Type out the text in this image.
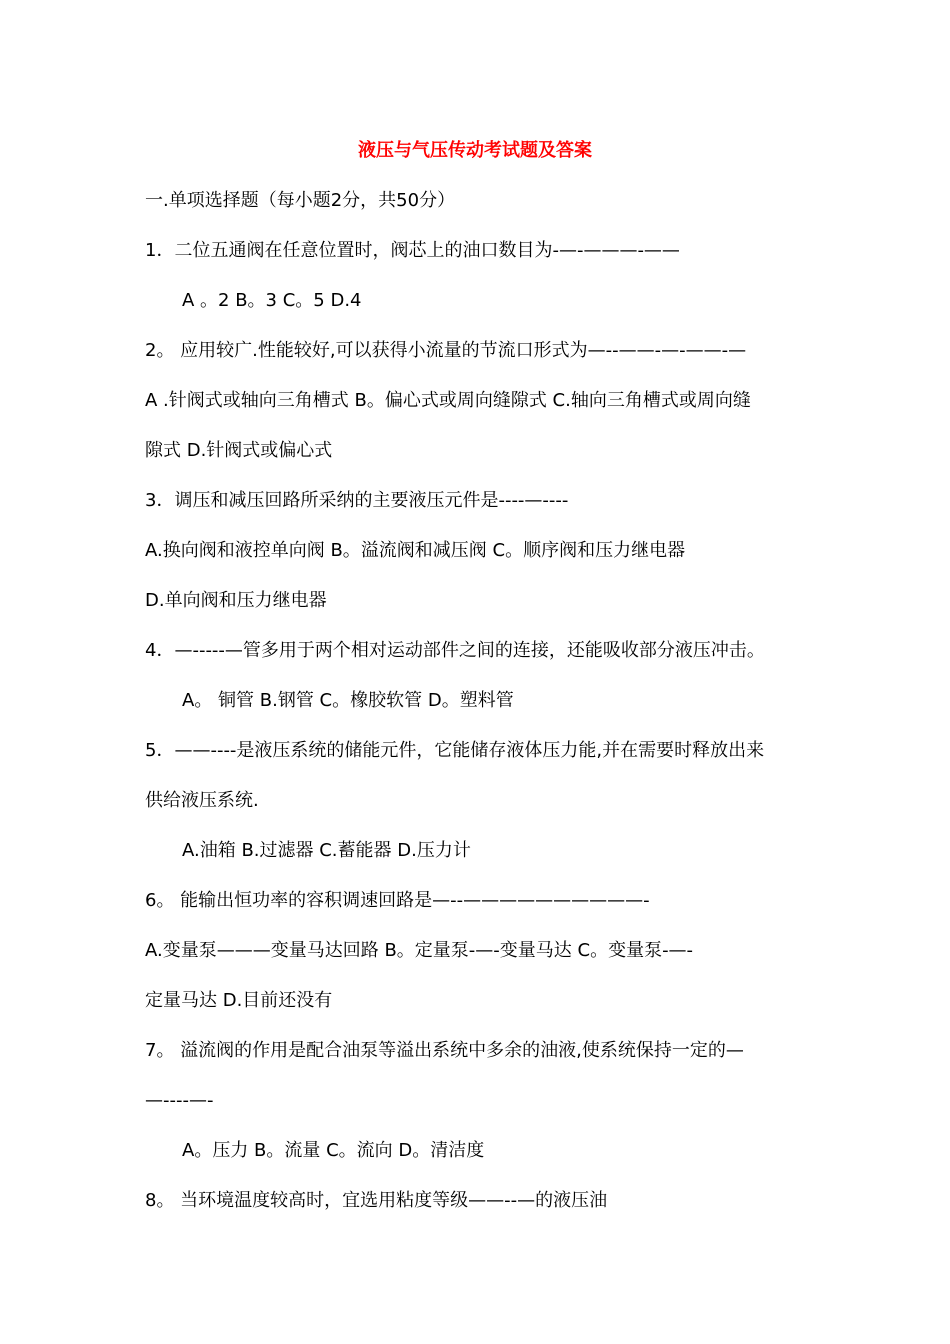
液压与气压传动考试题及答案
一.单项选择题（每小题2分，共50分）
1．二位五通阀在任意位置时，阀芯上的油口数目为-—-———-——
A 。2 B。3 C。5 D.4
2。 应用较广.性能较好,可以获得小流量的节流口形式为—--——-—-——-—
A .针阀式或轴向三角槽式 B。偏心式或周向缝隙式 C.轴向三角槽式或周向缝
隙式 D.针阀式或偏心式
3．调压和减压回路所采纳的主要液压元件是----—----
A.换向阀和液控单向阀 B。溢流阀和减压阀 C。顺序阀和压力继电器
D.单向阀和压力继电器
4．—-----—管多用于两个相对运动部件之间的连接，还能吸收部分液压冲击。
A。 铜管 B.钢管 C。橡胶软管 D。塑料管
5．——----是液压系统的储能元件，它能储存液体压力能,并在需要时释放出来
供给液压系统.
A.油箱 B.过滤器 C.蓄能器 D.压力计
6。 能输出恒功率的容积调速回路是—--——————————-
A.变量泵———变量马达回路 B。定量泵-—-变量马达 C。变量泵-—-
定量马达 D.目前还没有
7。 溢流阀的作用是配合油泵等溢出系统中多余的油液,使系统保持一定的—
—----—-
A。压力 B。流量 C。流向 D。清洁度
8。 当环境温度较高时，宜选用粘度等级——--—的液压油
